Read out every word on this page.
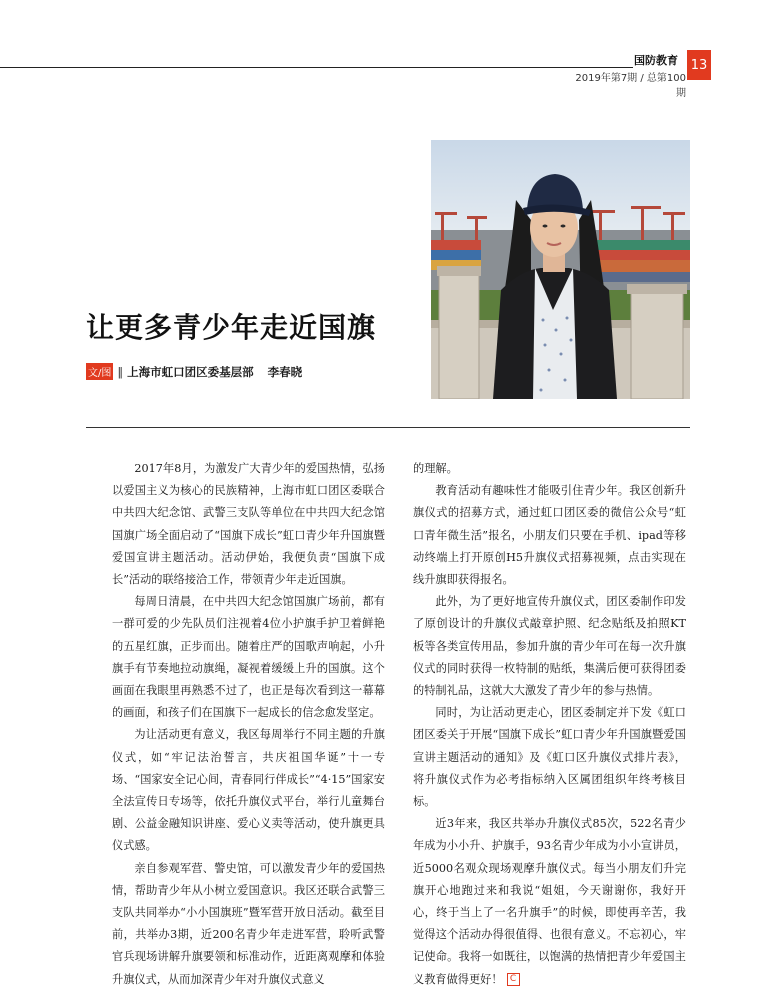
国防教育
2019年第7期 / 总第100期
13
让更多青少年走近国旗
文/图 ‖ 上海市虹口团区委基层部 李春晓

2017年8月，为激发广大青少年的爱国热情，弘扬以爱国主义为核心的民族精神，上海市虹口团区委联合中共四大纪念馆、武警三支队等单位在中共四大纪念馆国旗广场全面启动了“国旗下成长”虹口青少年升国旗暨爱国宣讲主题活动。活动伊始，我便负责“国旗下成长”活动的联络接洽工作，带领青少年走近国旗。

每周日清晨，在中共四大纪念馆国旗广场前，都有一群可爱的少先队员们注视着4位小护旗手护卫着鲜艳的五星红旗，正步而出。随着庄严的国歌声响起，小升旗手有节奏地拉动旗绳，凝视着缓缓上升的国旗。这个画面在我眼里再熟悉不过了，也正是每次看到这一幕幕的画面，和孩子们在国旗下一起成长的信念愈发坚定。

为让活动更有意义，我区每周举行不同主题的升旗仪式，如“牢记法治誓言，共庆祖国华诞”十一专场、“国家安全记心间，青春同行伴成长”“4·15”国家安全法宣传日专场等，依托升旗仪式平台，举行儿童舞台剧、公益金融知识讲座、爱心义卖等活动，使升旗更具仪式感。

亲自参观军营、警史馆，可以激发青少年的爱国热情，帮助青少年从小树立爱国意识。我区还联合武警三支队共同举办“小小国旗班”暨军营开放日活动。截至目前，共举办3期，近200名青少年走进军营，聆听武警官兵现场讲解升旗要领和标准动作，近距离观摩和体验升旗仪式，从而加深青少年对升旗仪式意义

的理解。

教育活动有趣味性才能吸引住青少年。我区创新升旗仪式的招募方式，通过虹口团区委的微信公众号“虹口青年微生活”报名，小朋友们只要在手机、ipad等移动终端上打开原创H5升旗仪式招募视频，点击实现在线升旗即获得报名。

此外，为了更好地宣传升旗仪式，团区委制作印发了原创设计的升旗仪式敲章护照、纪念贴纸及拍照KT板等各类宣传用品，参加升旗的青少年可在每一次升旗仪式的同时获得一枚特制的贴纸，集满后便可获得团委的特制礼品，这就大大激发了青少年的参与热情。

同时，为让活动更走心，团区委制定并下发《虹口团区委关于开展“国旗下成长”虹口青少年升国旗暨爱国宣讲主题活动的通知》及《虹口区升旗仪式排片表》，将升旗仪式作为必考指标纳入区属团组织年终考核目标。

近3年来，我区共举办升旗仪式85次，522名青少年成为小小升、护旗手，93名青少年成为小小宣讲员，近5000名观众现场观摩升旗仪式。每当小朋友们升完旗开心地跑过来和我说“姐姐，今天谢谢你，我好开心，终于当上了一名升旗手”的时候，即使再辛苦，我觉得这个活动办得很值得、也很有意义。不忘初心，牢记使命。我将一如既往，以饱满的热情把青少年爱国主义教育做得更好！ C
